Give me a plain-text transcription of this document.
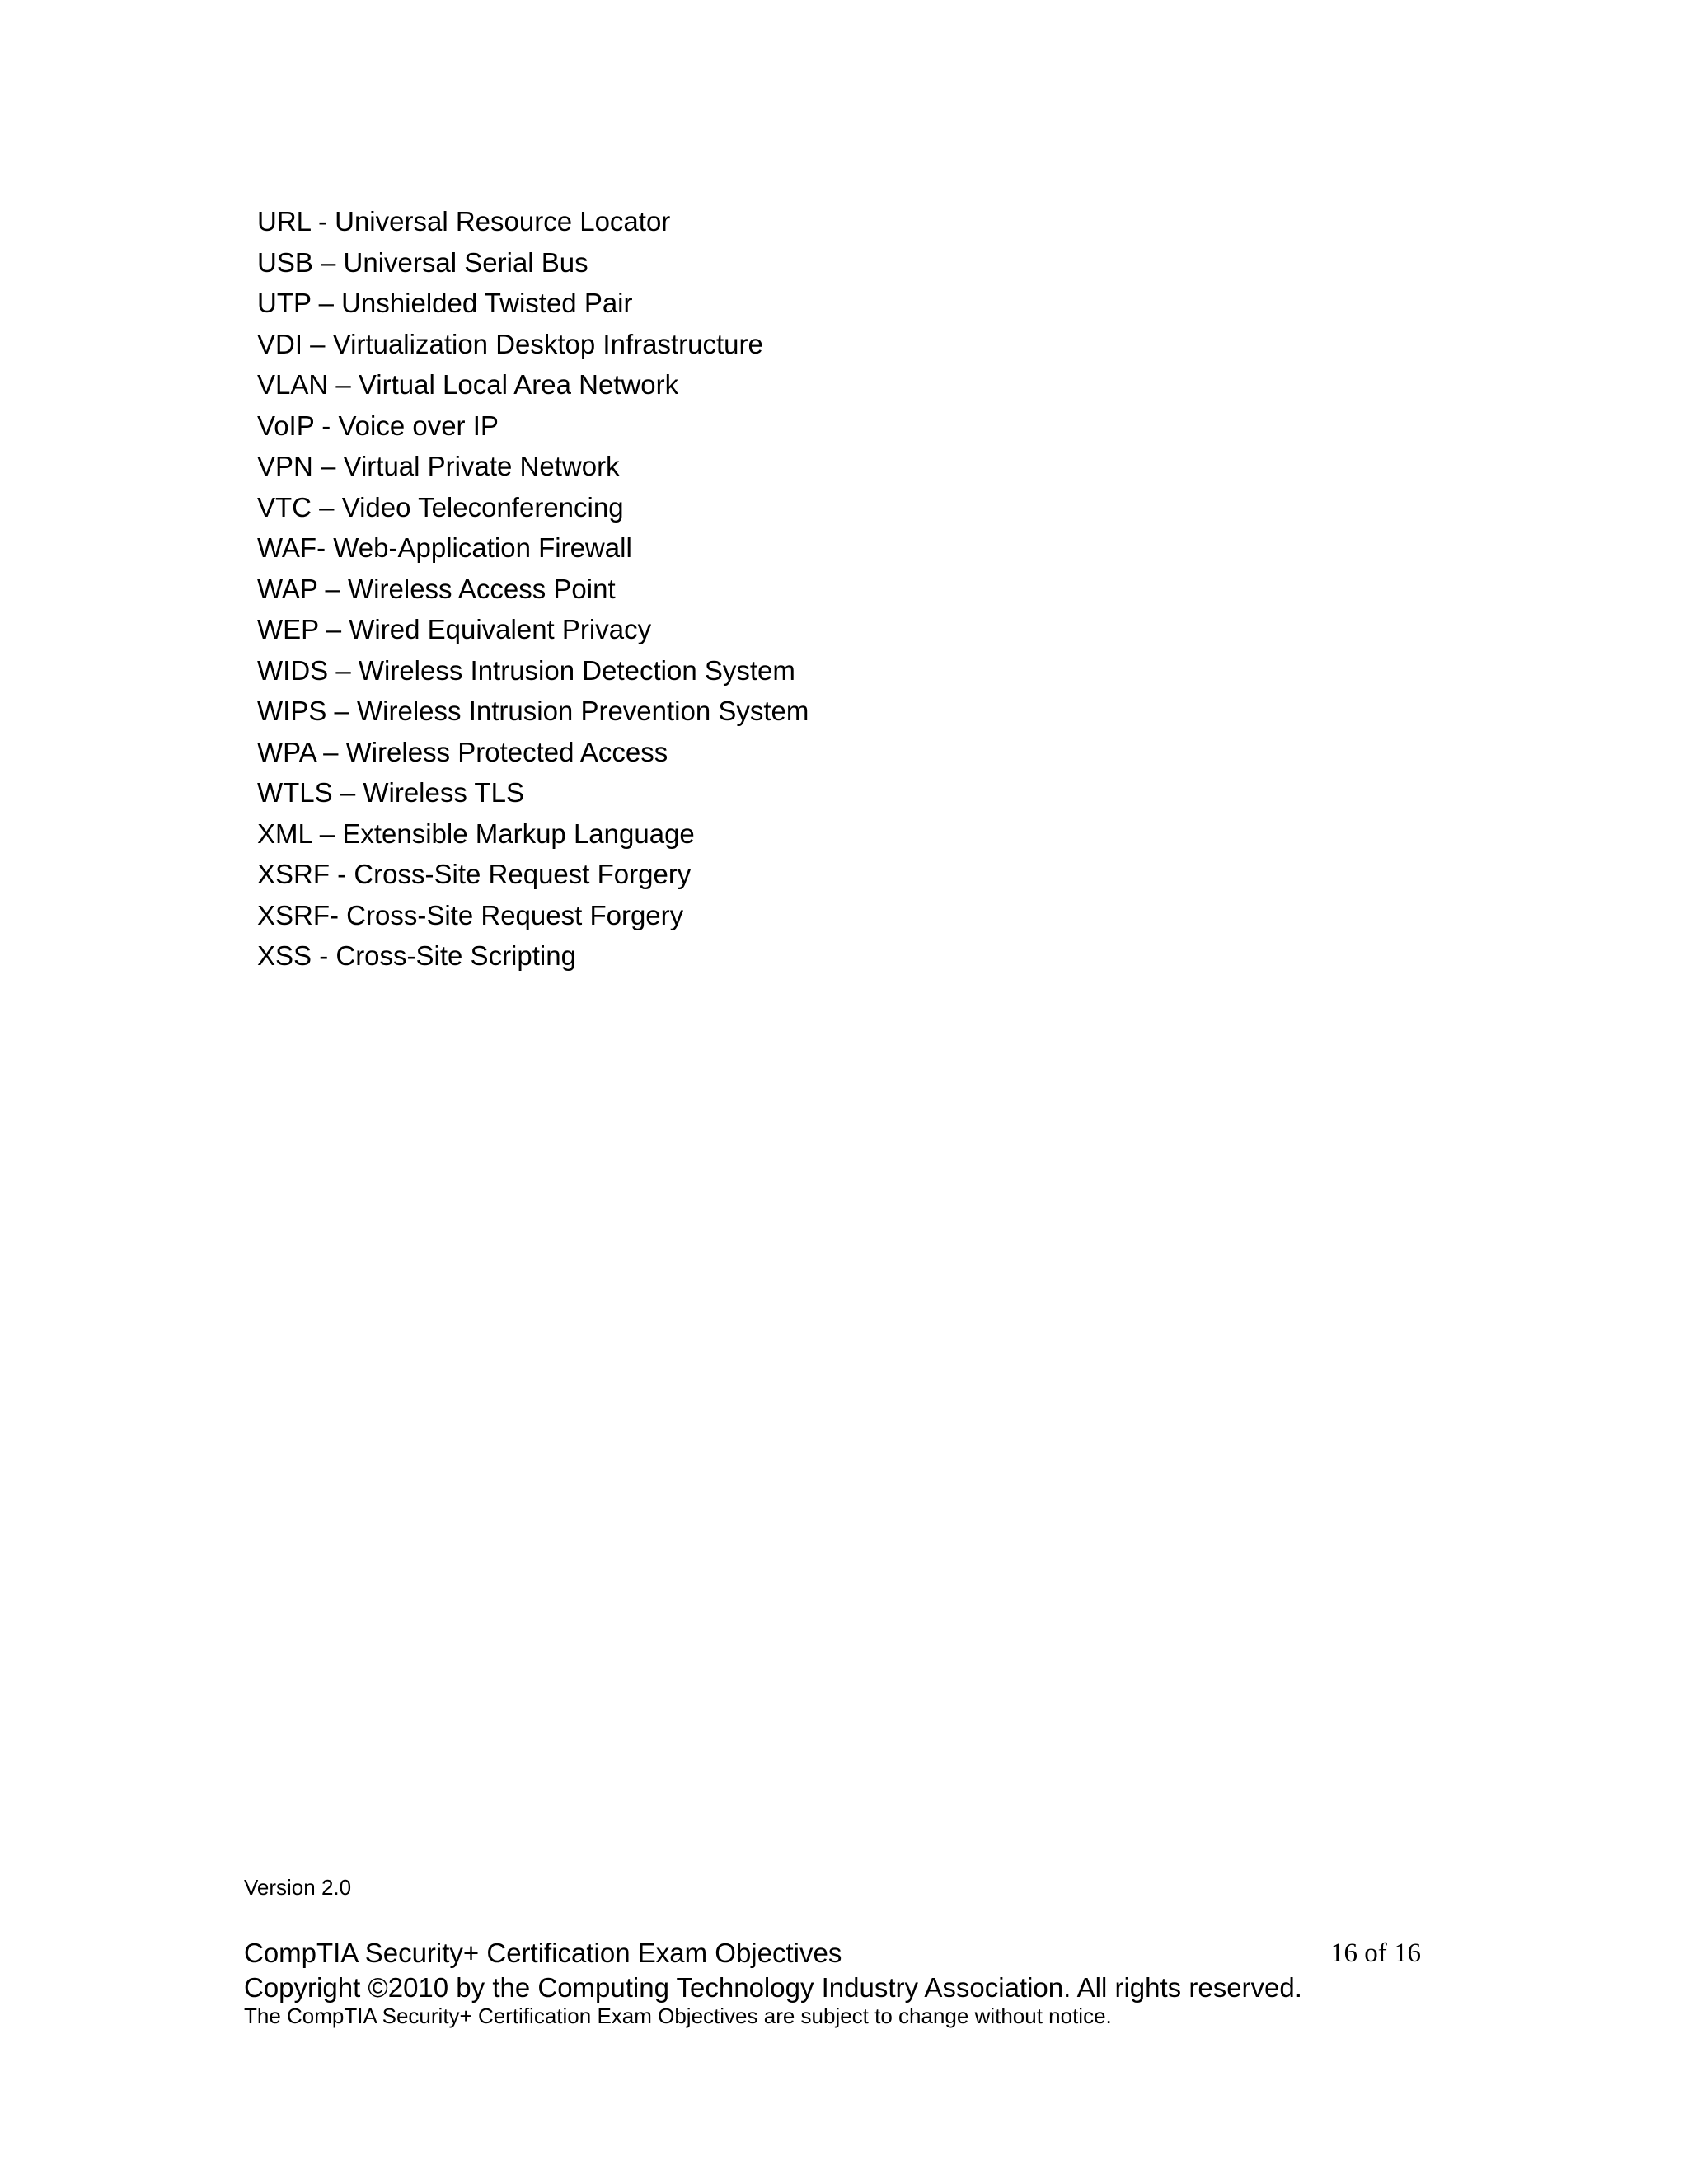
URL - Universal Resource Locator
USB – Universal Serial Bus
UTP – Unshielded Twisted Pair
VDI – Virtualization Desktop Infrastructure
VLAN – Virtual Local Area Network
VoIP - Voice over IP
VPN – Virtual Private Network
VTC – Video Teleconferencing
WAF- Web-Application Firewall
WAP – Wireless Access Point
WEP – Wired Equivalent Privacy
WIDS – Wireless Intrusion Detection System
WIPS – Wireless Intrusion Prevention System
WPA – Wireless Protected Access
WTLS – Wireless TLS
XML – Extensible Markup Language
XSRF - Cross-Site Request Forgery
XSRF- Cross-Site Request Forgery
XSS - Cross-Site Scripting
Version 2.0
CompTIA Security+ Certification Exam Objectives	16 of 16
Copyright ©2010 by the Computing Technology Industry Association. All rights reserved.
The CompTIA Security+ Certification Exam Objectives are subject to change without notice.
